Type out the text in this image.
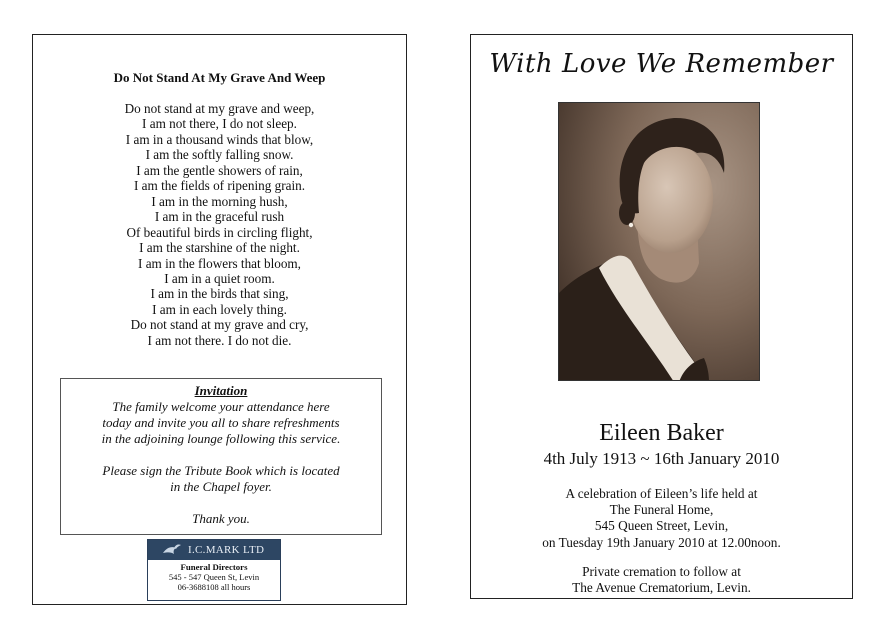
Do Not Stand At My Grave And Weep
Do not stand at my grave and weep,
I am not there, I do not sleep.
I am in a thousand winds that blow,
I am the softly falling snow.
I am the gentle showers of rain,
I am the fields of ripening grain.
I am in the morning hush,
I am in the graceful rush
Of beautiful birds in circling flight,
I am the starshine of the night.
I am in the flowers that bloom,
I am in a quiet room.
I am in the birds that sing,
I am in each lovely thing.
Do not stand at my grave and cry,
I am not there. I do not die.
Invitation
The family welcome your attendance here
today and invite you all to share refreshments
in the adjoining lounge following this service.
Please sign the Tribute Book which is located
in the Chapel foyer.
Thank you.
I.C.MARK LTD
Funeral Directors
545 - 547 Queen St, Levin
06-3688108 all hours
With Love We Remember
Eileen Baker
4th July 1913 ~ 16th January 2010
A celebration of Eileen’s life held at
The Funeral Home,
545 Queen Street, Levin,
on Tuesday 19th January 2010 at 12.00noon.
Private cremation to follow at
The Avenue Crematorium, Levin.
